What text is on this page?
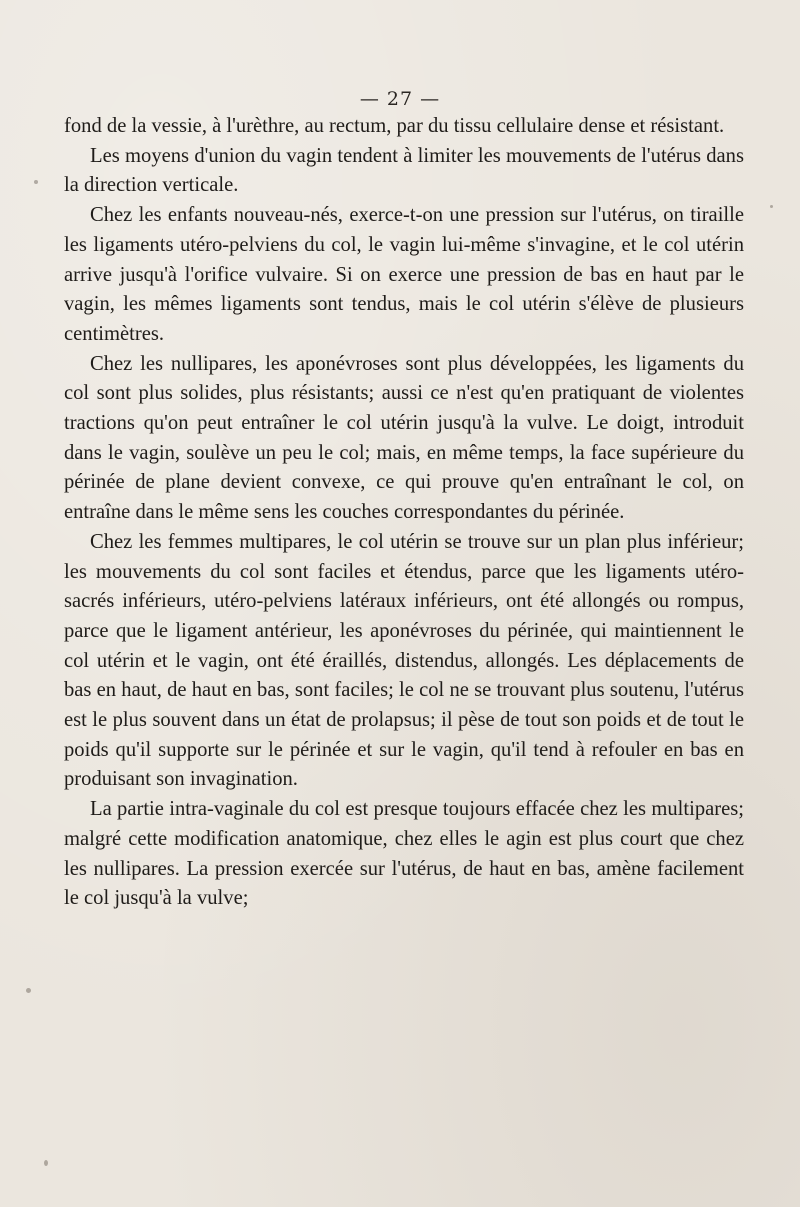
— 27 —

fond de la vessie, à l'urèthre, au rectum, par du tissu cellulaire dense et résistant.

Les moyens d'union du vagin tendent à limiter les mouvements de l'utérus dans la direction verticale.

Chez les enfants nouveau-nés, exerce-t-on une pression sur l'utérus, on tiraille les ligaments utéro-pelviens du col, le vagin lui-même s'invagine, et le col utérin arrive jusqu'à l'orifice vulvaire. Si on exerce une pression de bas en haut par le vagin, les mêmes ligaments sont tendus, mais le col utérin s'élève de plusieurs centimètres.

Chez les nullipares, les aponévroses sont plus développées, les ligaments du col sont plus solides, plus résistants; aussi ce n'est qu'en pratiquant de violentes tractions qu'on peut entraîner le col utérin jusqu'à la vulve. Le doigt, introduit dans le vagin, soulève un peu le col; mais, en même temps, la face supérieure du périnée de plane devient convexe, ce qui prouve qu'en entraînant le col, on entraîne dans le même sens les couches correspondantes du périnée.

Chez les femmes multipares, le col utérin se trouve sur un plan plus inférieur; les mouvements du col sont faciles et étendus, parce que les ligaments utéro-sacrés inférieurs, utéro-pelviens latéraux inférieurs, ont été allongés ou rompus, parce que le ligament antérieur, les aponévroses du périnée, qui maintiennent le col utérin et le vagin, ont été éraillés, distendus, allongés. Les déplacements de bas en haut, de haut en bas, sont faciles; le col ne se trouvant plus soutenu, l'utérus est le plus souvent dans un état de prolapsus; il pèse de tout son poids et de tout le poids qu'il supporte sur le périnée et sur le vagin, qu'il tend à refouler en bas en produisant son invagination.

La partie intra-vaginale du col est presque toujours effacée chez les multipares; malgré cette modification anatomique, chez elles le agin est plus court que chez les nullipares. La pression exercée sur l'utérus, de haut en bas, amène facilement le col jusqu'à la vulve;
